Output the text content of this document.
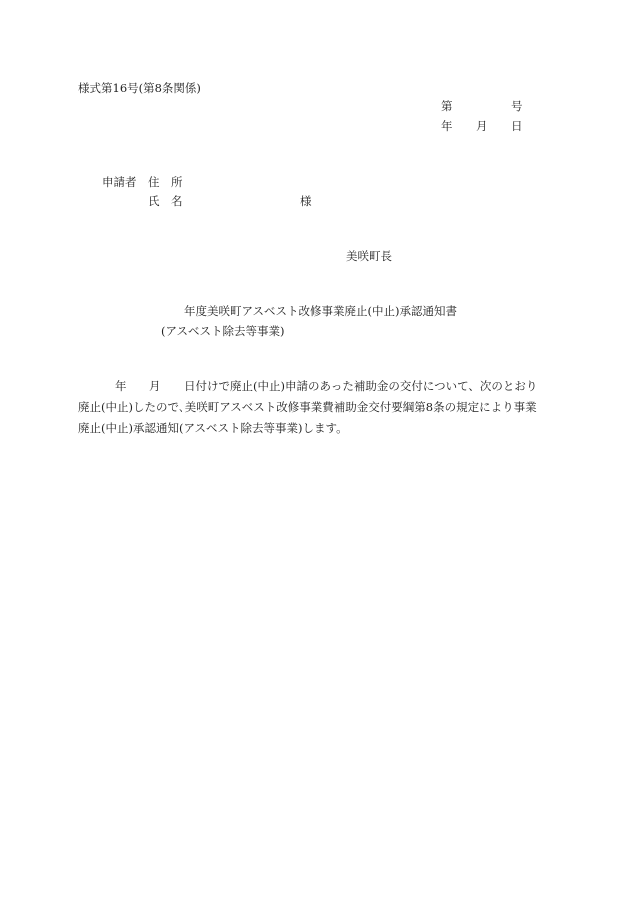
様式第16号(第8条関係)
第	号
年 月 日
申請者 住　所
氏　名	様
美咲町長
年度美咲町アスベスト改修事業廃止(中止)承認通知書
(アスベスト除去等事業)
年 月 日付けで廃止(中止)申請のあった補助金の交付について、次のとおり
廃止(中止)したので､美咲町アスベスト改修事業費補助金交付要綱第8条の規定により事業
廃止(中止)承認通知(アスベスト除去等事業)します。
